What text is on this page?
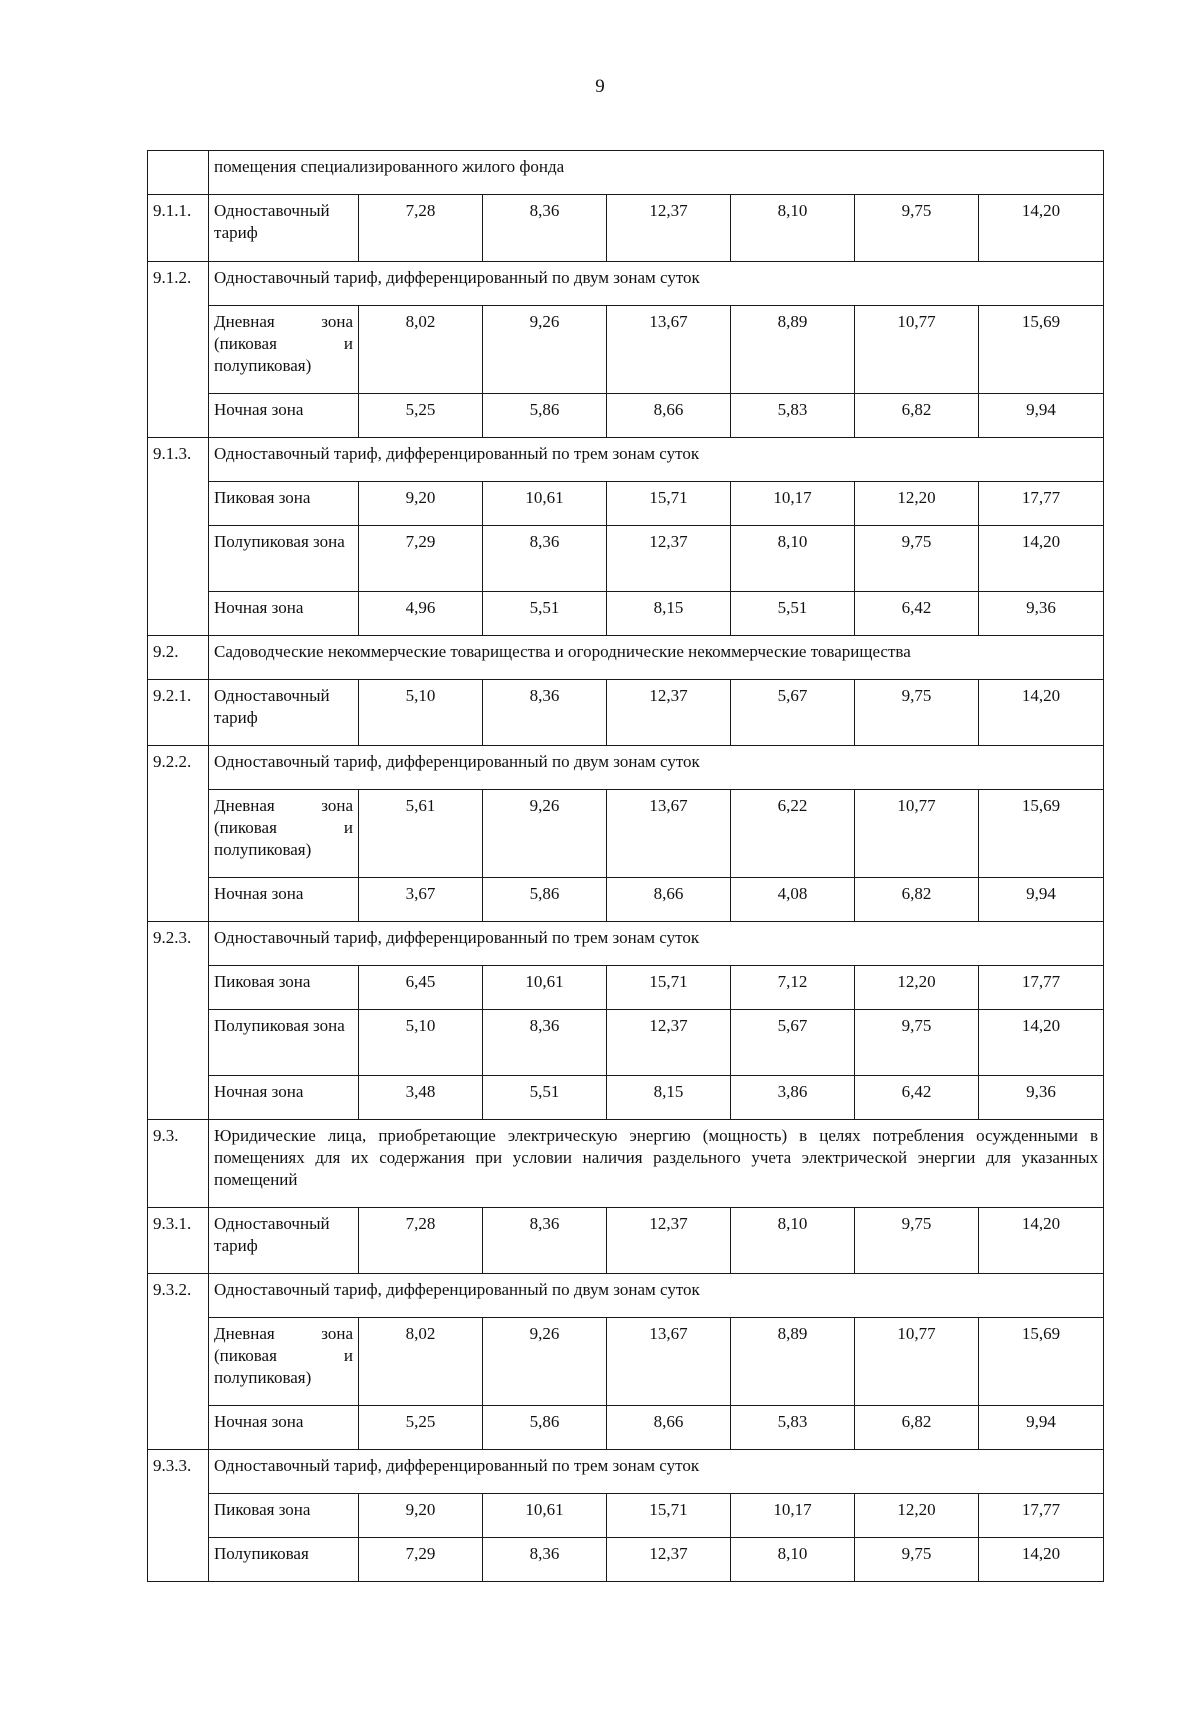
9
	помещения специализированного жилого фонда						
9.1.1.	Одноставочный тариф	7,28	8,36	12,37	8,10	9,75	14,20
9.1.2.	Одноставочный тариф, дифференцированный по двум зонам суток						

	Дневная зона
(пиковая и
полупиковая)	8,02	9,26	13,67	8,89	10,77	15,69
	Ночная зона	5,25	5,86	8,66	5,83	6,82	9,94
9.1.3.	Одноставочный тариф, дифференцированный по трем зонам суток						
	Пиковая зона	9,20	10,61	15,71	10,17	12,20	17,77
	Полупиковая зона	7,29	8,36	12,37	8,10	9,75	14,20
	Ночная зона	4,96	5,51	8,15	5,51	6,42	9,36
9.2.	Садоводческие некоммерческие товарищества и огороднические некоммерческие товарищества						
9.2.1.	Одноставочный тариф	5,10	8,36	12,37	5,67	9,75	14,20
9.2.2.	Одноставочный тариф, дифференцированный по двум зонам суток						

	Дневная зона
(пиковая и
полупиковая)	5,61	9,26	13,67	6,22	10,77	15,69
	Ночная зона	3,67	5,86	8,66	4,08	6,82	9,94
9.2.3.	Одноставочный тариф, дифференцированный по трем зонам суток						
	Пиковая зона	6,45	10,61	15,71	7,12	12,20	17,77
	Полупиковая зона	5,10	8,36	12,37	5,67	9,75	14,20
	Ночная зона	3,48	5,51	8,15	3,86	6,42	9,36
9.3.	Юридические лица, приобретающие электрическую энергию (мощность) в целях потребления осужденными в помещениях для их содержания при условии наличия раздельного учета электрической энергии для указанных помещений						
9.3.1.	Одноставочный тариф	7,28	8,36	12,37	8,10	9,75	14,20
9.3.2.	Одноставочный тариф, дифференцированный по двум зонам суток						

	Дневная зона
(пиковая и
полупиковая)	8,02	9,26	13,67	8,89	10,77	15,69
	Ночная зона	5,25	5,86	8,66	5,83	6,82	9,94
9.3.3.	Одноставочный тариф, дифференцированный по трем зонам суток						
	Пиковая зона	9,20	10,61	15,71	10,17	12,20	17,77
	Полупиковая	7,29	8,36	12,37	8,10	9,75	14,20
